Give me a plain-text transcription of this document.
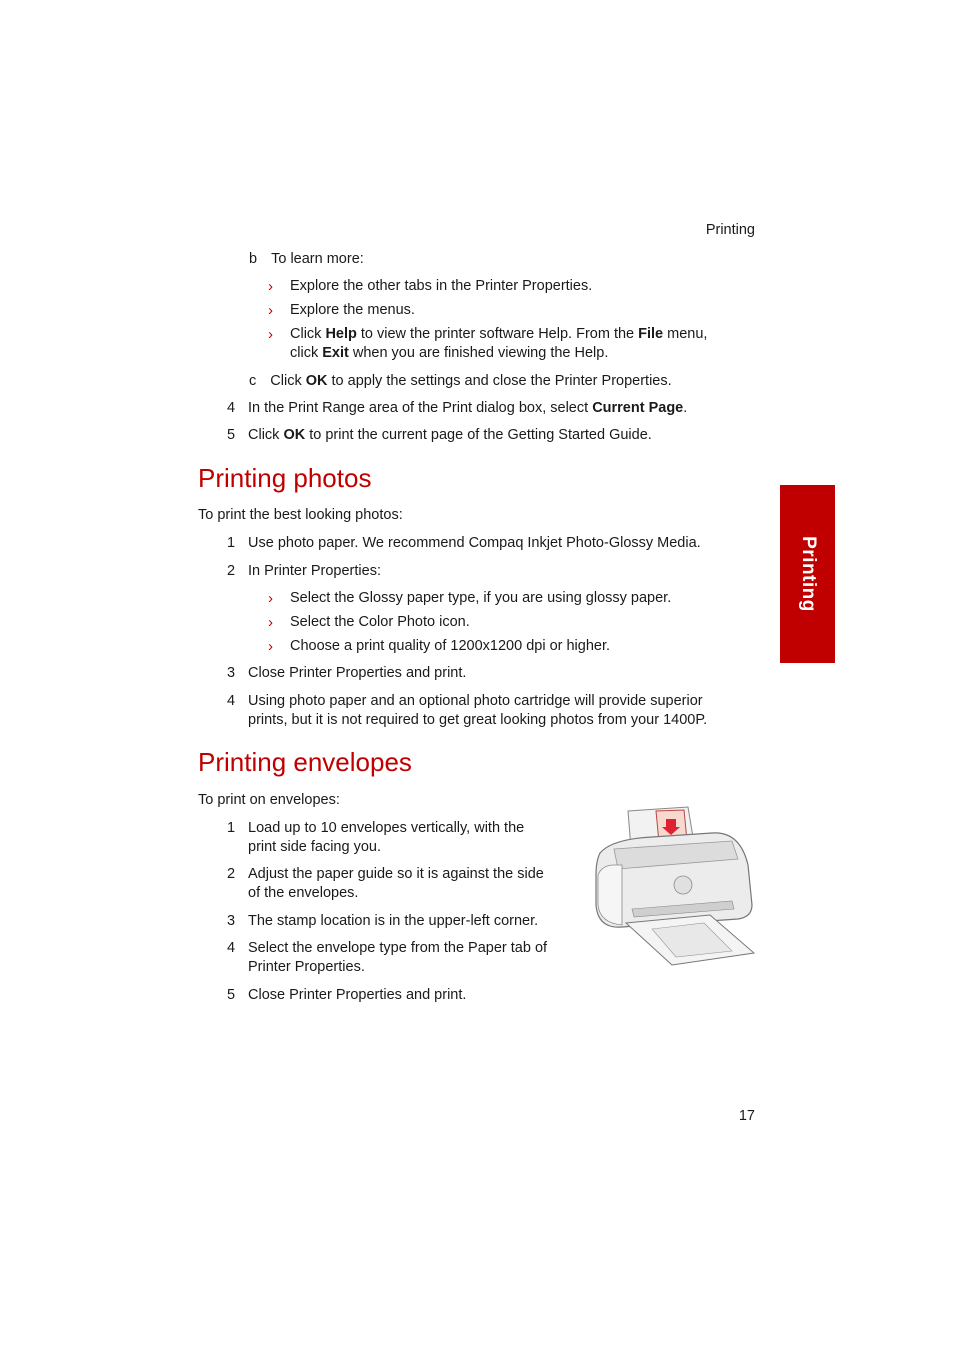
Printing
17
Printing
b To learn more:
› Explore the other tabs in the Printer Properties.
› Explore the menus.
› Click Help to view the printer software Help. From the File menu,
click Exit when you are finished viewing the Help.
c Click OK to apply the settings and close the Printer Properties.
4 In the Print Range area of the Print dialog box, select Current Page.
5 Click OK to print the current page of the Getting Started Guide.
Printing photos
To print the best looking photos:
1 Use photo paper. We recommend Compaq Inkjet Photo-Glossy Media.
2 In Printer Properties:
› Select the Glossy paper type, if you are using glossy paper.
› Select the Color Photo icon.
› Choose a print quality of 1200x1200 dpi or higher.
3 Close Printer Properties and print.
4 Using photo paper and an optional photo cartridge will provide superior
prints, but it is not required to get great looking photos from your 1400P.
Printing envelopes
To print on envelopes:
1 Load up to 10 envelopes vertically, with the
print side facing you.
2 Adjust the paper guide so it is against the side
of the envelopes.
3 The stamp location is in the upper-left corner.
4 Select the envelope type from the Paper tab of
Printer Properties.
5 Close Printer Properties and print.
